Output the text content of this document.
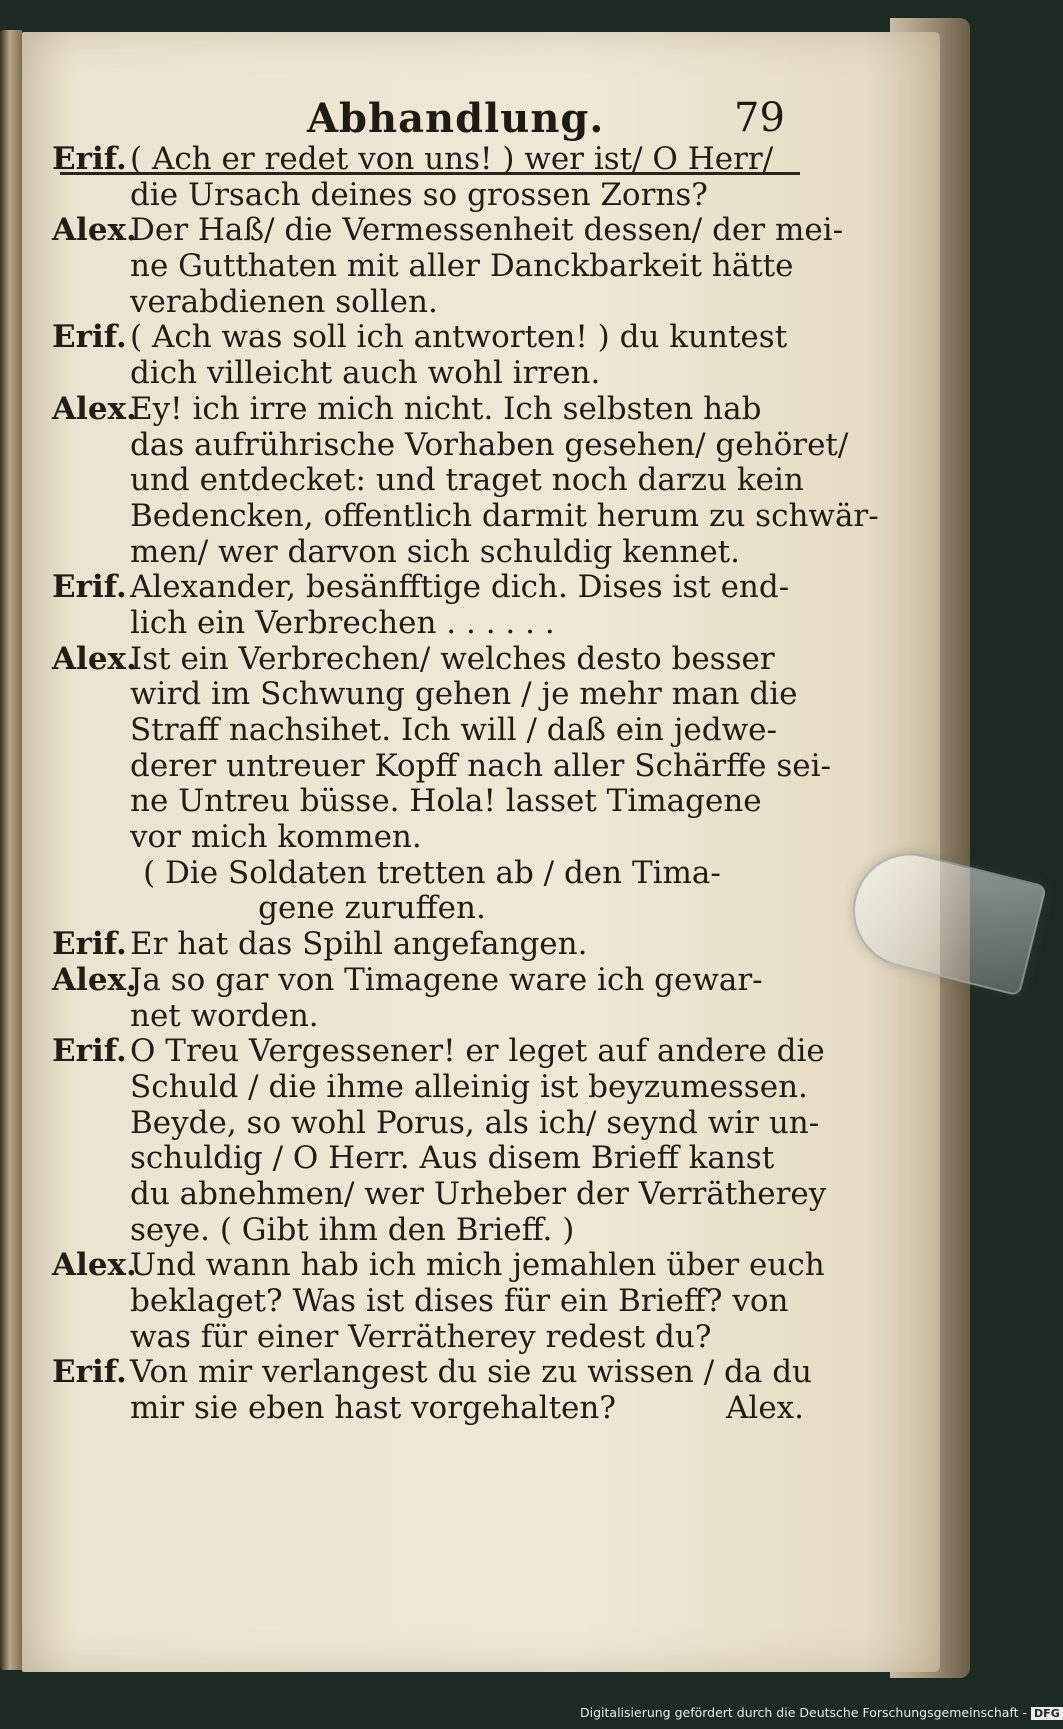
Abhandlung.	79
Erif. ( Ach er redet von uns! ) wer ist/ O Herr/
die Ursach deines so grossen Zorns?
Alex.
Der Haß/ die Vermessenheit dessen/ der mei-
ne Gutthaten mit aller Danckbarkeit hätte
verabdienen sollen.
Erif. ( Ach was soll ich antworten! ) du kuntest
dich villeicht auch wohl irren.
Alex.
Ey! ich irre mich nicht. Ich selbsten hab
das aufrührische Vorhaben gesehen/ gehöret/
und entdecket: und traget noch darzu kein
Bedencken, offentlich darmit herum zu schwär-
men/ wer darvon sich schuldig kennet.
Erif. Alexander, besänfftige dich. Dises ist end-
lich ein Verbrechen . . . . . .
Alex.
Ist ein Verbrechen/ welches desto besser
wird im Schwung gehen / je mehr man die
Straff nachsihet. Ich will / daß ein jedwe-
derer untreuer Kopff nach aller Schärffe sei-
ne Untreu büsse. Hola! lasset Timagene
vor mich kommen.
( Die Soldaten tretten ab / den Tima-
gene zuruffen.
Erif. Er hat das Spihl angefangen.
Alex.
Ja so gar von Timagene ware ich gewar-
net worden.
Erif. O Treu Vergessener! er leget auf andere die
Schuld / die ihme alleinig ist beyzumessen.
Beyde, so wohl Porus, als ich/ seynd wir un-
schuldig / O Herr. Aus disem Brieff kanst
du abnehmen/ wer Urheber der Verrätherey
seye. ( Gibt ihm den Brieff. )
Alex.
Und wann hab ich mich jemahlen über euch
beklaget? Was ist dises für ein Brieff? von
was für einer Verrätherey redest du?
Erif. Von mir verlangest du sie zu wissen / da du
mir sie eben hast vorgehalten?	Alex.
Digitalisierung gefördert durch die Deutsche Forschungsgemeinschaft - DFG
